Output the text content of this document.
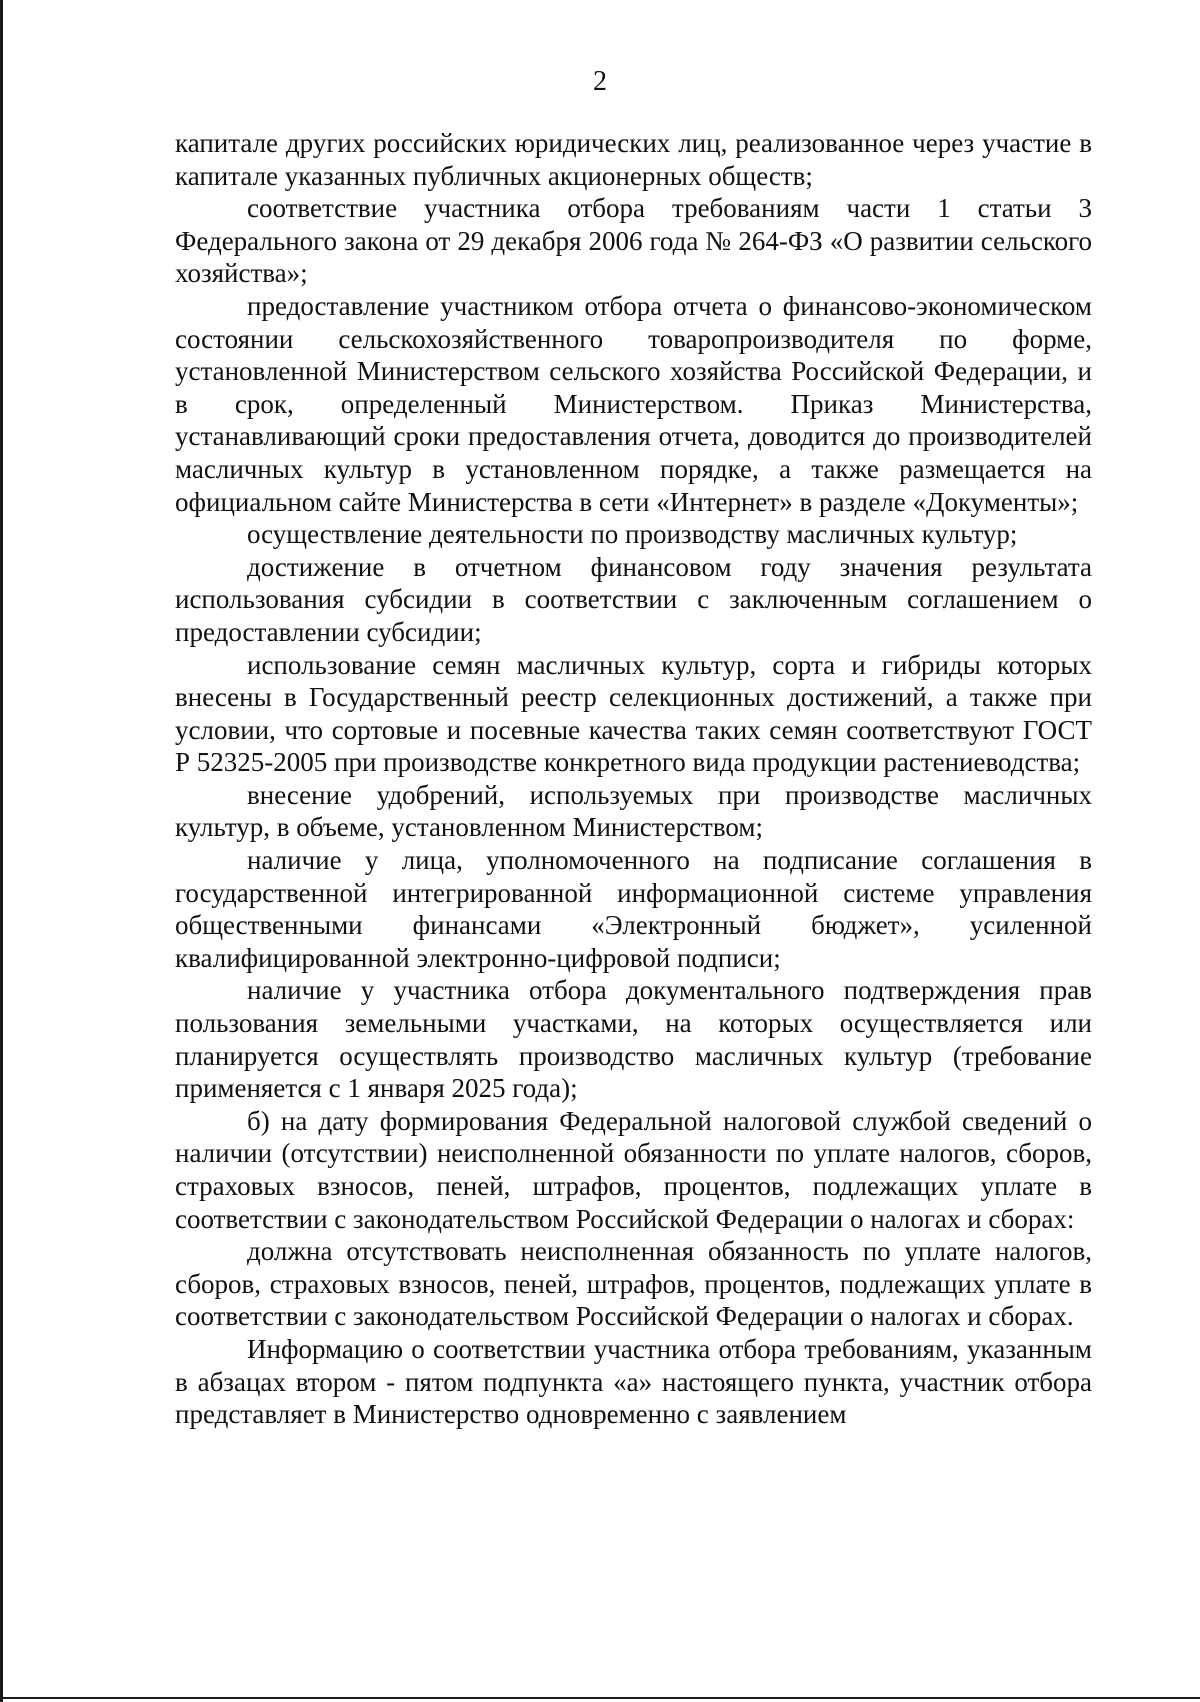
2

капитале других российских юридических лиц, реализованное через участие в капитале указанных публичных акционерных обществ;

соответствие участника отбора требованиям части 1 статьи 3 Федерального закона от 29 декабря 2006 года № 264-ФЗ «О развитии сельского хозяйства»;

предоставление участником отбора отчета о финансово-экономическом состоянии сельскохозяйственного товаропроизводителя по форме, установленной Министерством сельского хозяйства Российской Федерации, и в срок, определенный Министерством. Приказ Министерства, устанавливающий сроки предоставления отчета, доводится до производителей масличных культур в установленном порядке, а также размещается на официальном сайте Министерства в сети «Интернет» в разделе «Документы»;

осуществление деятельности по производству масличных культур;

достижение в отчетном финансовом году значения результата использования субсидии в соответствии с заключенным соглашением о предоставлении субсидии;

использование семян масличных культур, сорта и гибриды которых внесены в Государственный реестр селекционных достижений, а также при условии, что сортовые и посевные качества таких семян соответствуют ГОСТ Р 52325-2005 при производстве конкретного вида продукции растениеводства;

внесение удобрений, используемых при производстве масличных культур, в объеме, установленном Министерством;

наличие у лица, уполномоченного на подписание соглашения в государственной интегрированной информационной системе управления общественными финансами «Электронный бюджет», усиленной квалифицированной электронно-цифровой подписи;

наличие у участника отбора документального подтверждения прав пользования земельными участками, на которых осуществляется или планируется осуществлять производство масличных культур (требование применяется с 1 января 2025 года);

б) на дату формирования Федеральной налоговой службой сведений о наличии (отсутствии) неисполненной обязанности по уплате налогов, сборов, страховых взносов, пеней, штрафов, процентов, подлежащих уплате в соответствии с законодательством Российской Федерации о налогах и сборах:

должна отсутствовать неисполненная обязанность по уплате налогов, сборов, страховых взносов, пеней, штрафов, процентов, подлежащих уплате в соответствии с законодательством Российской Федерации о налогах и сборах.

Информацию о соответствии участника отбора требованиям, указанным в абзацах втором - пятом подпункта «а» настоящего пункта, участник отбора представляет в Министерство одновременно с заявлением
